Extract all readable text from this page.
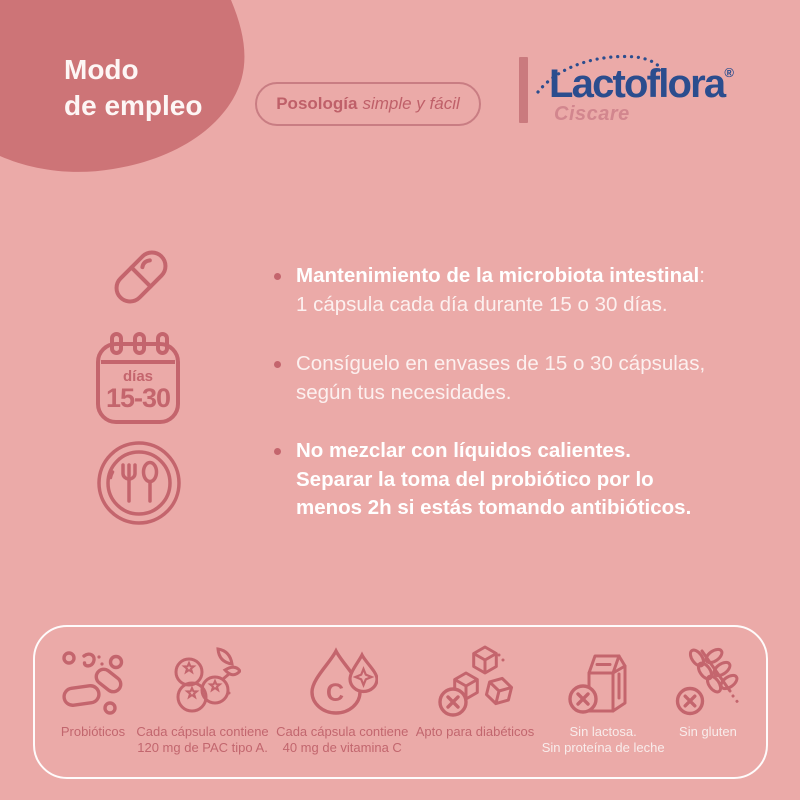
Modo
de empleo	Posología simple y fácil Lactoflora®
Ciscare
días
15-30
Mantenimiento de la microbiota intestinal:
1 cápsula cada día durante 15 o 30 días.
Consíguelo en envases de 15 o 30 cápsulas,
según tus necesidades.
No mezclar con líquidos calientes.
Separar la toma del probiótico por lo
menos 2h si estás tomando antibióticos.
Probióticos Cada cápsula contiene
120 mg de PAC tipo A.
C
Cada cápsula contiene
40 mg de vitamina C
Apto para diabéticos	Sin lactosa.
Sin proteína de leche
Sin gluten
